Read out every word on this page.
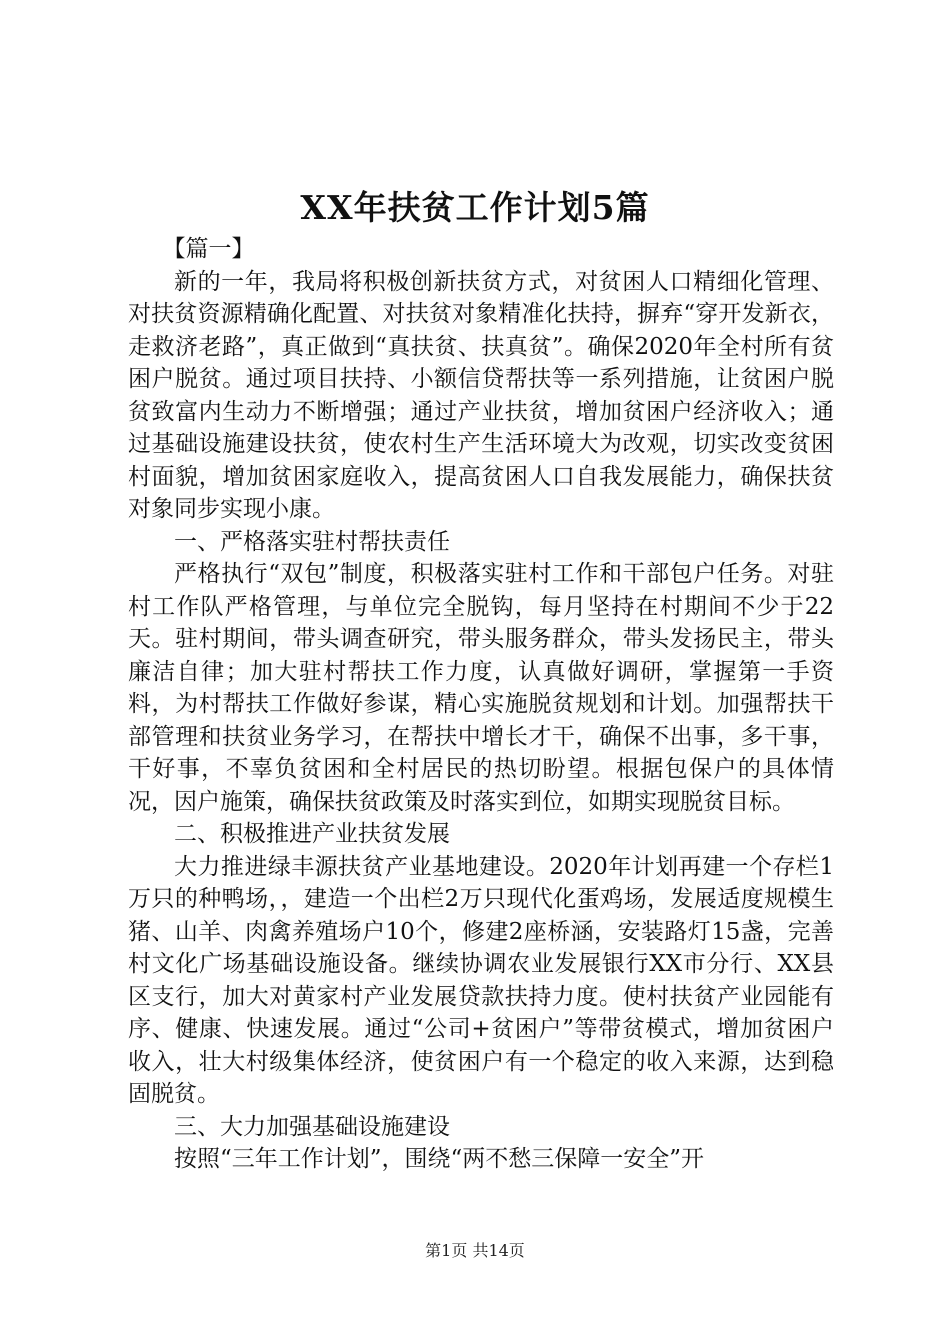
XX年扶贫工作计划5篇

【篇一】

新的一年，我局将积极创新扶贫方式，对贫困人口精细化管理、对扶贫资源精确化配置、对扶贫对象精准化扶持，摒弃“穿开发新衣，走救济老路”，真正做到“真扶贫、扶真贫”。确保2020年全村所有贫困户脱贫。通过项目扶持、小额信贷帮扶等一系列措施，让贫困户脱贫致富内生动力不断增强；通过产业扶贫，增加贫困户经济收入；通过基础设施建设扶贫，使农村生产生活环境大为改观，切实改变贫困村面貌，增加贫困家庭收入，提高贫困人口自我发展能力，确保扶贫对象同步实现小康。

一、严格落实驻村帮扶责任

严格执行“双包”制度，积极落实驻村工作和干部包户任务。对驻村工作队严格管理，与单位完全脱钩，每月坚持在村期间不少于22天。驻村期间，带头调查研究，带头服务群众，带头发扬民主，带头廉洁自律；加大驻村帮扶工作力度，认真做好调研，掌握第一手资料，为村帮扶工作做好参谋，精心实施脱贫规划和计划。加强帮扶干部管理和扶贫业务学习，在帮扶中增长才干，确保不出事，多干事，干好事，不辜负贫困和全村居民的热切盼望。根据包保户的具体情况，因户施策，确保扶贫政策及时落实到位，如期实现脱贫目标。

二、积极推进产业扶贫发展

大力推进绿丰源扶贫产业基地建设。2020年计划再建一个存栏1万只的种鸭场，，建造一个出栏2万只现代化蛋鸡场，发展适度规模生猪、山羊、肉禽养殖场户10个，修建2座桥涵，安装路灯15盏，完善村文化广场基础设施设备。继续协调农业发展银行XX市分行、XX县区支行，加大对黄家村产业发展贷款扶持力度。使村扶贫产业园能有序、健康、快速发展。通过“公司+贫困户”等带贫模式，增加贫困户收入，壮大村级集体经济，使贫困户有一个稳定的收入来源，达到稳固脱贫。

三、大力加强基础设施建设

按照“三年工作计划”，围绕“两不愁三保障一安全”开

第1页 共14页
